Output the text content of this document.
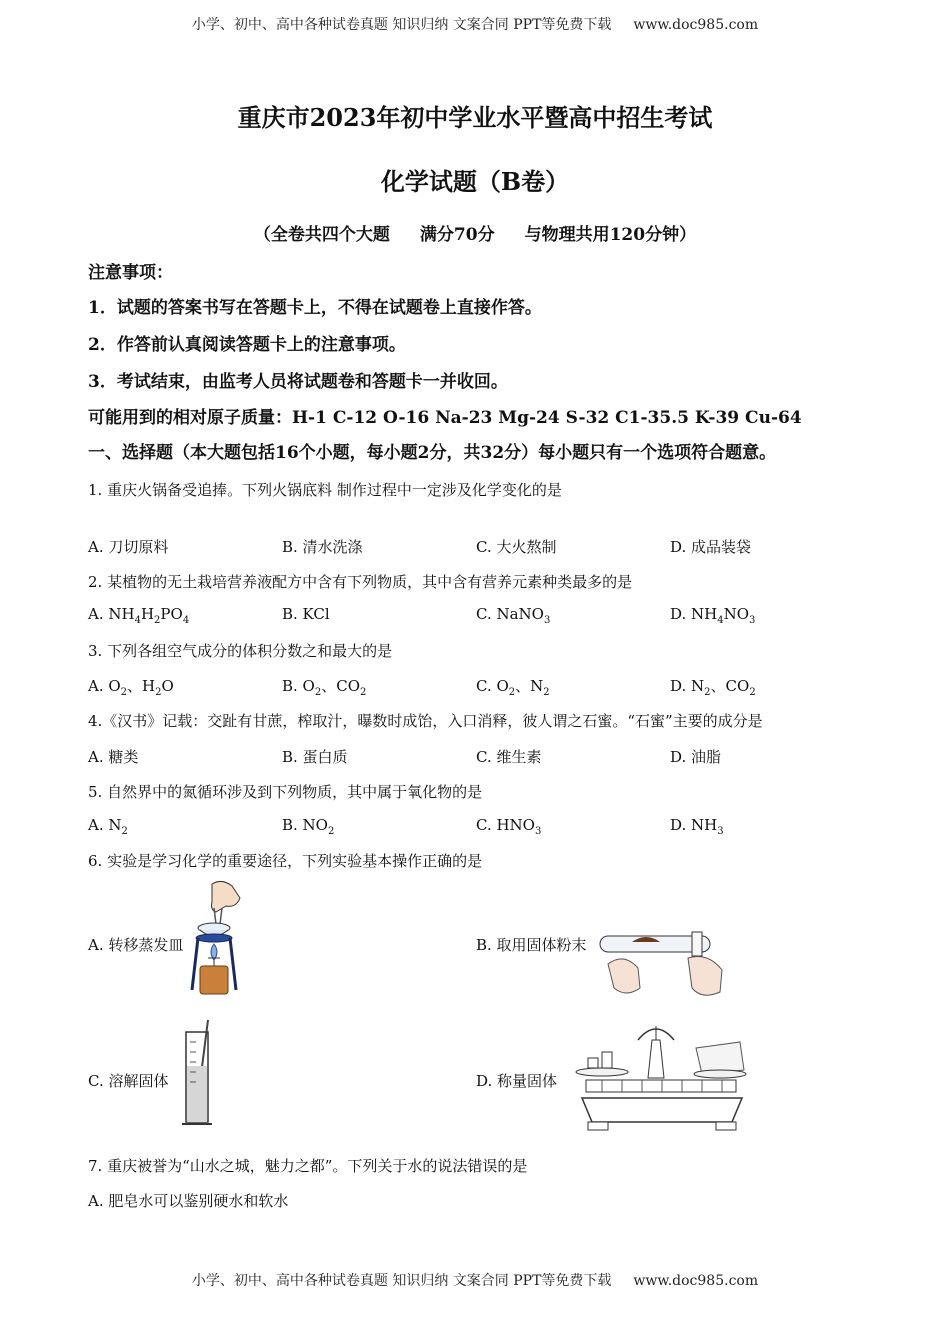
小学、初中、高中各种试卷真题 知识归纳 文案合同 PPT等免费下载 www.doc985.com
重庆市2023年初中学业水平暨高中招生考试
化学试题（B卷）
（全卷共四个大题 满分70分 与物理共用120分钟）
注意事项：
1．试题的答案书写在答题卡上，不得在试题卷上直接作答。
2．作答前认真阅读答题卡上的注意事项。
3．考试结束，由监考人员将试题卷和答题卡一并收回。
可能用到的相对原子质量：H-1 C-12 O-16 Na-23 Mg-24 S-32 C1-35.5 K-39 Cu-64
一、选择题（本大题包括16个小题，每小题2分，共32分）每小题只有一个选项符合题意。
1. 重庆火锅备受追捧。下列火锅底料 制作过程中一定涉及化学变化的是
A. 刀切原料	B. 清水洗涤	C. 大火熬制	D. 成品装袋
2. 某植物的无土栽培营养液配方中含有下列物质，其中含有营养元素种类最多的是
A. $NH_4H_2PO_4$	B. KCl	C. NaNO$_3$	D. $NH_4NO_3$
3. 下列各组空气成分的体积分数之和最大的是
A. $O_2$、$H_2O$	B. $O_2$、$CO_2$	C. $O_2$、$N_2$	D. $N_2$、$CO_2$
4.《汉书》记载：交趾有甘蔗，榨取汁，曝数时成饴，入口消释，彼人谓之石蜜。“石蜜”主要的成分是
A. 糖类	B. 蛋白质	C. 维生素	D. 油脂
5. 自然界中的氮循环涉及到下列物质，其中属于氧化物的是
A. $N_2$	B. $NO_2$	C. $HNO_3$	D. $NH_3$
6. 实验是学习化学的重要途径，下列实验基本操作正确的是
A. 转移蒸发皿	B. 取用固体粉末
C. 溶解固体	D. 称量固体
7. 重庆被誉为“山水之城，魅力之都”。下列关于水的说法错误的是
A. 肥皂水可以鉴别硬水和软水
小学、初中、高中各种试卷真题 知识归纳 文案合同 PPT等免费下载 www.doc985.com
